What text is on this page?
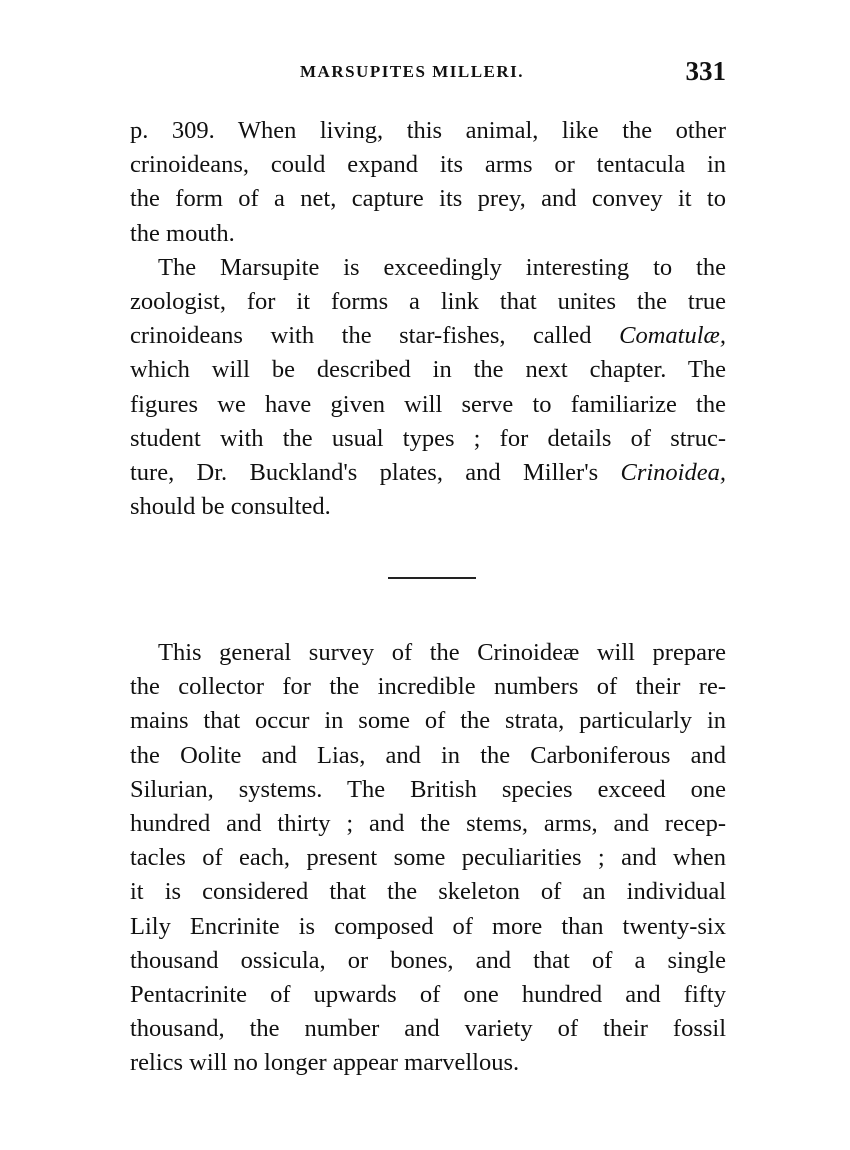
MARSUPITES MILLERI.	331

p. 309. When living, this animal, like the other
crinoideans, could expand its arms or tentacula in
the form of a net, capture its prey, and convey it to
the mouth.

The Marsupite is exceedingly interesting to the
zoologist, for it forms a link that unites the true
crinoideans with the star-fishes, called Comatulæ,
which will be described in the next chapter. The
figures we have given will serve to familiarize the
student with the usual types ; for details of struc-
ture, Dr. Buckland's plates, and Miller's Crinoidea,
should be consulted.

This general survey of the Crinoideæ will prepare
the collector for the incredible numbers of their re-
mains that occur in some of the strata, particularly in
the Oolite and Lias, and in the Carboniferous and
Silurian, systems. The British species exceed one
hundred and thirty ; and the stems, arms, and recep-
tacles of each, present some peculiarities ; and when
it is considered that the skeleton of an individual
Lily Encrinite is composed of more than twenty-six
thousand ossicula, or bones, and that of a single
Pentacrinite of upwards of one hundred and fifty
thousand, the number and variety of their fossil
relics will no longer appear marvellous.
